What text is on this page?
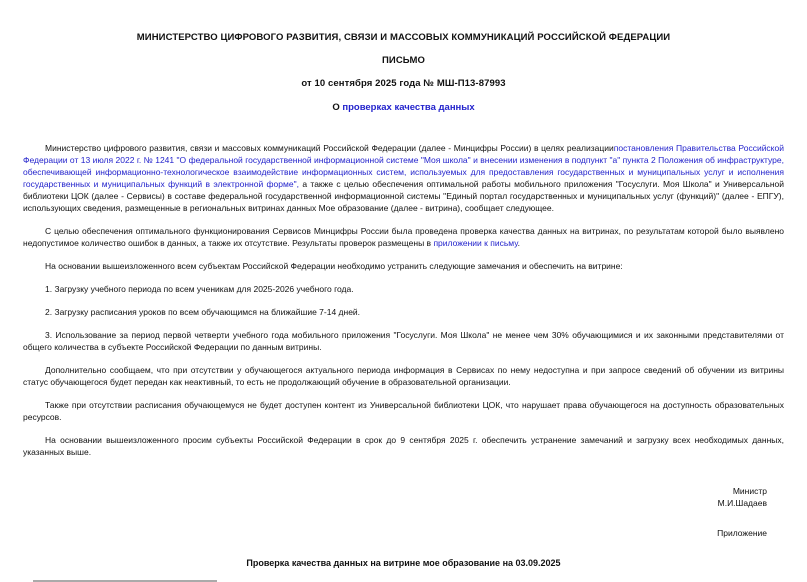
МИНИСТЕРСТВО ЦИФРОВОГО РАЗВИТИЯ, СВЯЗИ И МАССОВЫХ КОММУНИКАЦИЙ РОССИЙСКОЙ ФЕДЕРАЦИИ
ПИСЬМО
от 10 сентября 2025 года № МШ-П13-87993
О проверках качества данных

Министерство цифрового развития, связи и массовых коммуникаций Российской Федерации (далее - Минцифры России) в целях реализациипостановления Правительства Российской Федерации от 13 июля 2022 г. № 1241 "О федеральной государственной информационной системе "Моя школа" и внесении изменения в подпункт "а" пункта 2 Положения об инфраструктуре, обеспечивающей информационно-технологическое взаимодействие информационных систем, используемых для предоставления государственных и муниципальных услуг и исполнения государственных и муниципальных функций в электронной форме", а также с целью обеспечения оптимальной работы мобильного приложения "Госуслуги. Моя Школа" и Универсальной библиотеки ЦОК (далее - Сервисы) в составе федеральной государственной информационной системы "Единый портал государственных и муниципальных услуг (функций)" (далее - ЕПГУ), использующих сведения, размещенные в региональных витринах данных Мое образование (далее - витрина), сообщает следующее.

С целью обеспечения оптимального функционирования Сервисов Минцифры России была проведена проверка качества данных на витринах, по результатам которой было выявлено недопустимое количество ошибок в данных, а также их отсутствие. Результаты проверок размещены в приложении к письму.

На основании вышеизложенного всем субъектам Российской Федерации необходимо устранить следующие замечания и обеспечить на витрине:

1. Загрузку учебного периода по всем ученикам для 2025-2026 учебного года.

2. Загрузку расписания уроков по всем обучающимся на ближайшие 7-14 дней.

3. Использование за период первой четверти учебного года мобильного приложения "Госуслуги. Моя Школа" не менее чем 30% обучающимися и их законными представителями от общего количества в субъекте Российской Федерации по данным витрины.

Дополнительно сообщаем, что при отсутствии у обучающегося актуального периода информация в Сервисах по нему недоступна и при запросе сведений об обучении из витрины статус обучающегося будет передан как неактивный, то есть не продолжающий обучение в образовательной организации.

Также при отсутствии расписания обучающемуся не будет доступен контент из Универсальной библиотеки ЦОК, что нарушает права обучающегося на доступность образовательных ресурсов.

На основании вышеизложенного просим субъекты Российской Федерации в срок до 9 сентября 2025 г. обеспечить устранение замечаний и загрузку всех необходимых данных, указанных выше.

Министр
М.И.Шадаев
Приложение
Проверка качества данных на витрине мое образование на 03.09.2025
